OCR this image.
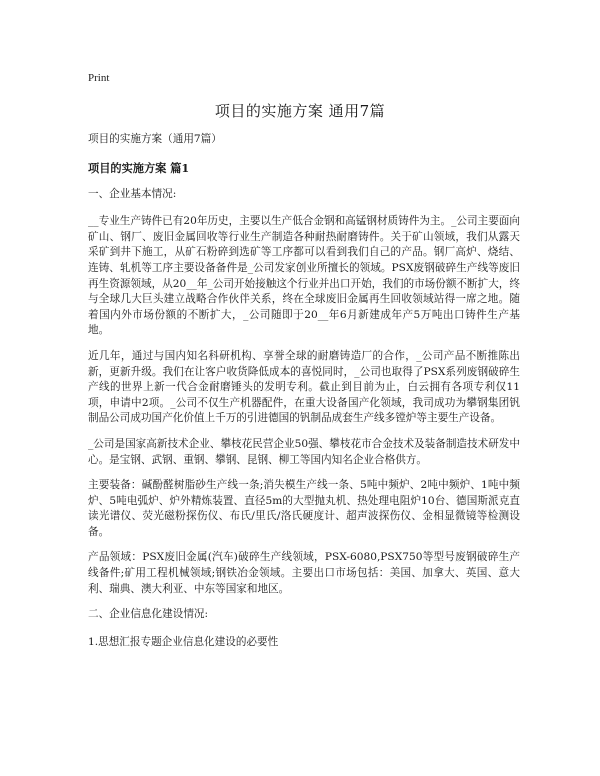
Print
项目的实施方案 通用7篇

项目的实施方案（通用7篇）

项目的实施方案 篇1

一、企业基本情况:

__专业生产铸件已有20年历史，主要以生产低合金钢和高锰钢材质铸件为主。_公司主要面向矿山、钢厂、废旧金属回收等行业生产制造各种耐热耐磨铸件。关于矿山领域，我们从露天采矿到井下施工，从矿石粉碎到选矿等工序都可以看到我们自己的产品。钢厂高炉、烧结、连铸、轧机等工序主要设备备件是_公司发家创业所擅长的领域。PSX废钢破碎生产线等废旧再生资源领域，从20__年_公司开始接触这个行业并出口开始，我们的市场份额不断扩大，终与全球几大巨头建立战略合作伙伴关系，终在全球废旧金属再生回收领域站得一席之地。随着国内外市场份额的不断扩大，_公司随即于20__年6月新建成年产5万吨出口铸件生产基地。

近几年，通过与国内知名科研机构、享誉全球的耐磨铸造厂的合作，_公司产品不断推陈出新，更新升级。我们在让客户收货降低成本的喜悦同时，_公司也取得了PSX系列废钢破碎生产线的世界上新一代合金耐磨锤头的发明专利。截止到目前为止，白云拥有各项专利仅11项，申请中2项。_公司不仅生产机器配件，在重大设备国产化领域，我司成功为攀钢集团钒制品公司成功国产化价值上千万的引进德国的钒制品成套生产线多镗炉等主要生产设备。

_公司是国家高新技术企业、攀枝花民营企业50强、攀枝花市合金技术及装备制造技术研发中心。是宝钢、武钢、重钢、攀钢、昆钢、柳工等国内知名企业合格供方。

主要装备：碱酚醛树脂砂生产线一条;消失模生产线一条、5吨中频炉、2吨中频炉、1吨中频炉、5吨电弧炉、炉外精炼装置、直径5m的大型抛丸机、热处理电阻炉10台、德国斯派克直读光谱仪、荧光磁粉探伤仪、布氏/里氏/洛氏硬度计、超声波探伤仪、金相显微镜等检测设备。

产品领域：PSX废旧金属(汽车)破碎生产线领域，PSX-6080,PSX750等型号废钢破碎生产线备件;矿用工程机械领域;钢铁冶金领域。主要出口市场包括：美国、加拿大、英国、意大利、瑞典、澳大利亚、中东等国家和地区。

二、企业信息化建设情况:

1.思想汇报专题企业信息化建设的必要性
